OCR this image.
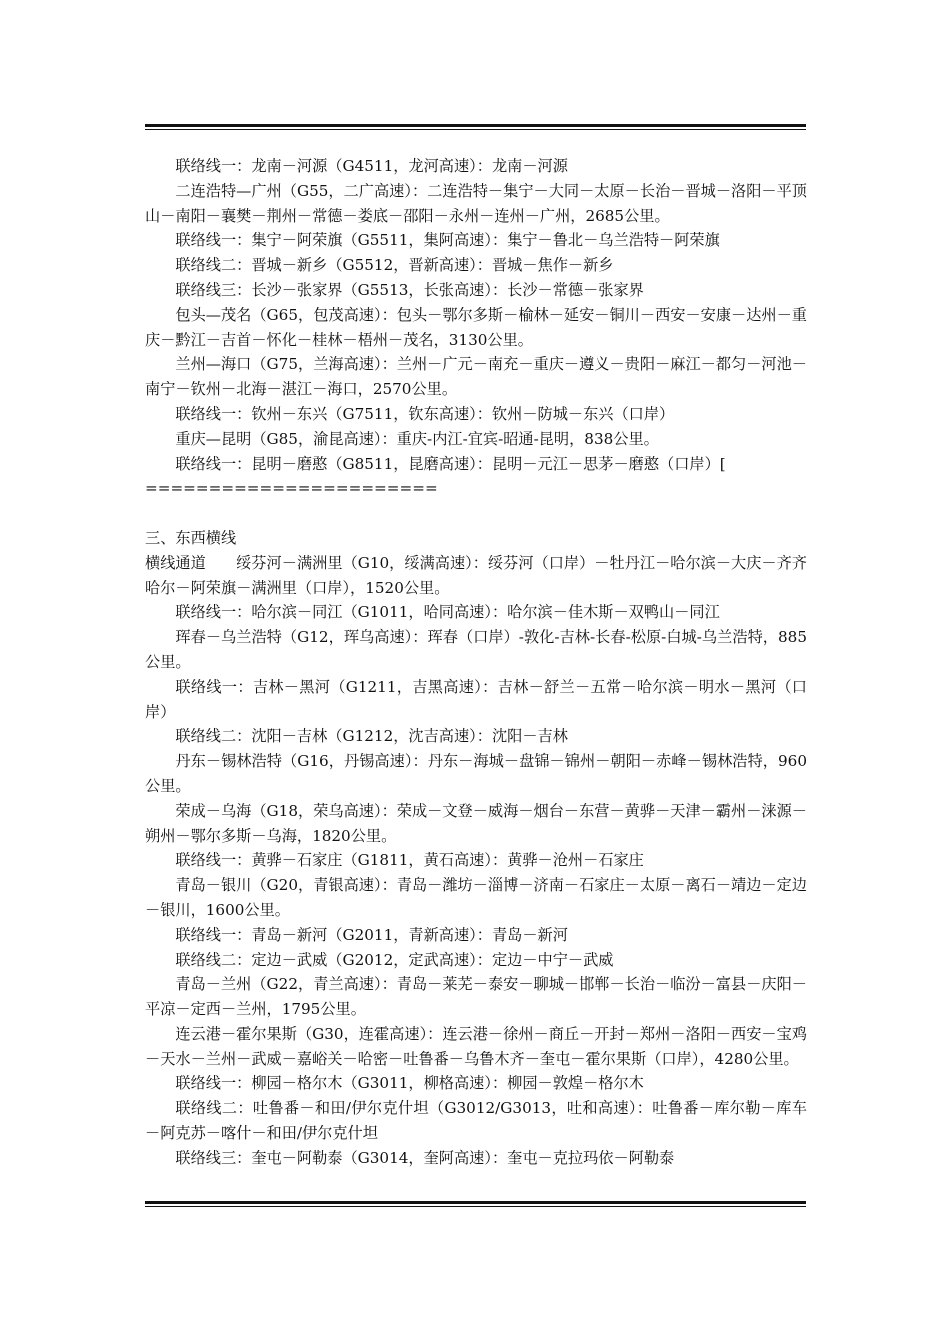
联络线一：龙南－河源（G4511，龙河高速）：龙南－河源

二连浩特—广州（G55，二广高速）：二连浩特－集宁－大同－太原－长治－晋城－洛阳－平顶山－南阳－襄樊－荆州－常德－娄底－邵阳－永州－连州－广州，2685公里。

联络线一：集宁－阿荣旗（G5511，集阿高速）：集宁－鲁北－乌兰浩特－阿荣旗

联络线二：晋城－新乡（G5512，晋新高速）：晋城－焦作－新乡

联络线三：长沙－张家界（G5513，长张高速）：长沙－常德－张家界

包头—茂名（G65，包茂高速）：包头－鄂尔多斯－榆林－延安－铜川－西安－安康－达州－重庆－黔江－吉首－怀化－桂林－梧州－茂名，3130公里。

兰州—海口（G75，兰海高速）：兰州－广元－南充－重庆－遵义－贵阳－麻江－都匀－河池－南宁－钦州－北海－湛江－海口，2570公里。

联络线一：钦州－东兴（G7511，钦东高速）：钦州－防城－东兴（口岸）

重庆—昆明（G85，渝昆高速）：重庆-内江-宜宾-昭通-昆明，838公里。

联络线一：昆明－磨憨（G8511，昆磨高速）：昆明－元江－思茅－磨憨（口岸）[

=======================

三、东西横线

横线通道　　绥芬河－满洲里（G10，绥满高速）：绥芬河（口岸）－牡丹江－哈尔滨－大庆－齐齐哈尔－阿荣旗－满洲里（口岸），1520公里。

联络线一：哈尔滨－同江（G1011，哈同高速）：哈尔滨－佳木斯－双鸭山－同江

珲春－乌兰浩特（G12，珲乌高速）：珲春（口岸）-敦化-吉林-长春-松原-白城-乌兰浩特，885公里。

联络线一：吉林－黑河（G1211，吉黑高速）：吉林－舒兰－五常－哈尔滨－明水－黑河（口岸）

联络线二：沈阳－吉林（G1212，沈吉高速）：沈阳－吉林

丹东－锡林浩特（G16，丹锡高速）：丹东－海城－盘锦－锦州－朝阳－赤峰－锡林浩特，960公里。

荣成－乌海（G18，荣乌高速）：荣成－文登－威海－烟台－东营－黄骅－天津－霸州－涞源－朔州－鄂尔多斯－乌海，1820公里。

联络线一：黄骅－石家庄（G1811，黄石高速）：黄骅－沧州－石家庄

青岛－银川（G20，青银高速）：青岛－潍坊－淄博－济南－石家庄－太原－离石－靖边－定边－银川，1600公里。

联络线一：青岛－新河（G2011，青新高速）：青岛－新河

联络线二：定边－武威（G2012，定武高速）：定边－中宁－武威

青岛－兰州（G22，青兰高速）：青岛－莱芜－泰安－聊城－邯郸－长治－临汾－富县－庆阳－平凉－定西－兰州，1795公里。

连云港－霍尔果斯（G30，连霍高速）：连云港－徐州－商丘－开封－郑州－洛阳－西安－宝鸡－天水－兰州－武威－嘉峪关－哈密－吐鲁番－乌鲁木齐－奎屯－霍尔果斯（口岸），4280公里。

联络线一：柳园－格尔木（G3011，柳格高速）：柳园－敦煌－格尔木

联络线二：吐鲁番－和田/伊尔克什坦（G3012/G3013，吐和高速）：吐鲁番－库尔勒－库车－阿克苏－喀什－和田/伊尔克什坦

联络线三：奎屯－阿勒泰（G3014，奎阿高速）：奎屯－克拉玛依－阿勒泰
